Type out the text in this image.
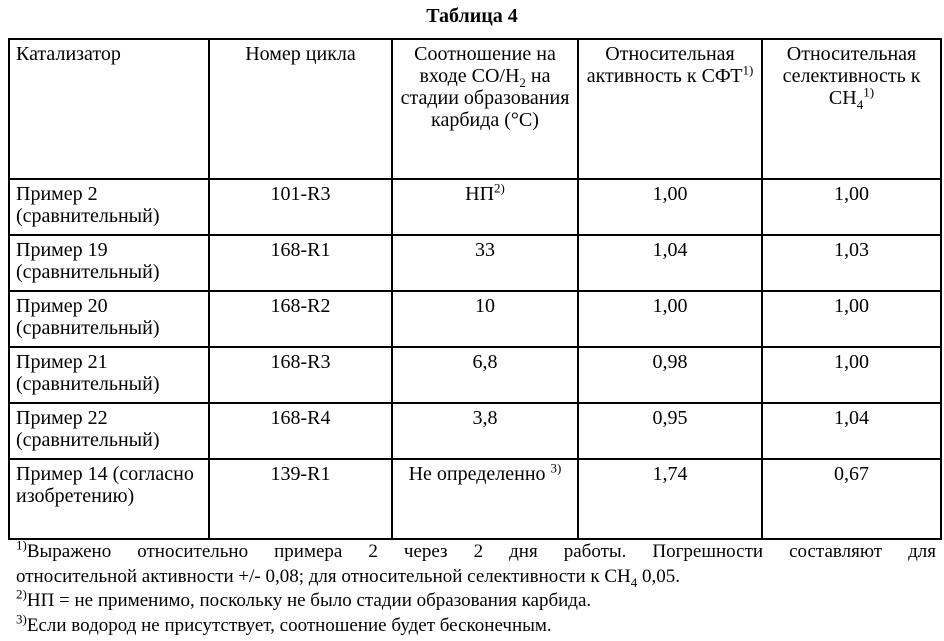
Таблица 4
Катализатор	Номер цикла	Соотношение на входе $CO/H_2$ на стадии образования карбида (°C)	Относительная активность к СФТ$^{1)}$	Относительная селективность к $CH_4^{1)}$
Пример 2 (сравнительный)	101-R3	НП$^{2)}$	1,00	1,00
Пример 19 (сравнительный)	168-R1	33	1,04	1,03
Пример 20 (сравнительный)	168-R2	10	1,00	1,00
Пример 21 (сравнительный)	168-R3	6,8	0,98	1,00
Пример 22 (сравнительный)	168-R4	3,8	0,95	1,04
Пример 14 (согласно изобретению)	139-R1	Не определенно $^{3)}$	1,74	0,67
$^{1)}$Выражено относительно примера 2 через 2 дня работы. Погрешности составляют для
относительной активности +/- 0,08; для относительной селективности к $CH_4$ 0,05.
$^{2)}$НП = не применимо, поскольку не было стадии образования карбида.
$^{3)}$Если водород не присутствует, соотношение будет бесконечным.
